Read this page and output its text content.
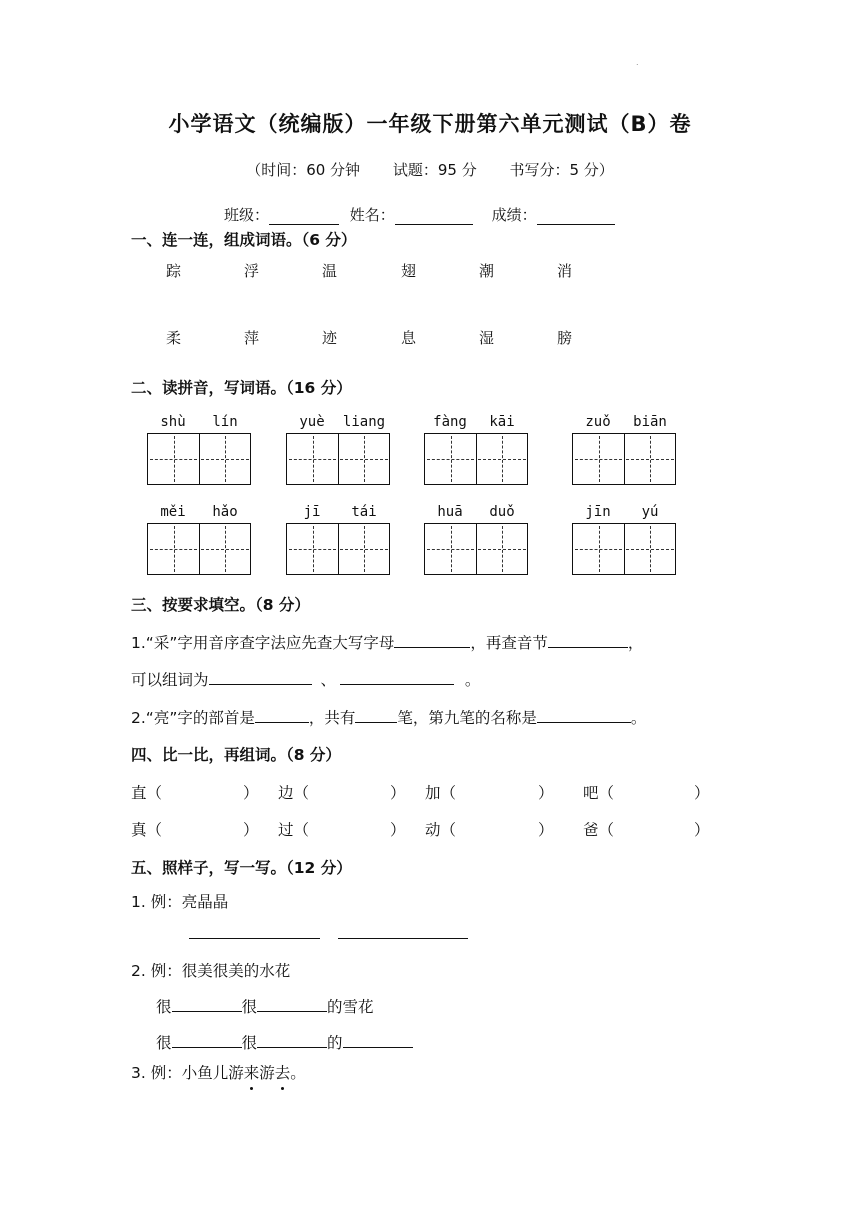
.
小学语文（统编版）一年级下册第六单元测试（B）卷
（时间：60 分钟 试题：95 分 书写分：5 分）
班级：	姓名：	成绩：
一、连一连，组成词语。（6 分）
踪	浮	温	翅	潮	消
柔	萍	迹	息	湿	膀
二、读拼音，写词语。（16 分）
shù	lín	yuè	liang	fàng	kāi	zuǒ	biān
měi	hǎo	jī	tái	huā	duǒ	jīn	yú
三、按要求填空。（8 分）
1.“采”字用音序查字法应先查大写字母	，再查音节	，
可以组词为	、	。
2.“亮”字的部首是	，共有	笔，第九笔的名称是	。
四、比一比，再组词。（8 分）
直（	） 边（	） 加（	） 吧（	）
真（	） 过（	） 动（	） 爸（	）
五、照样子，写一写。（12 分）
1. 例：亮晶晶
2. 例：很美很美的水花
很	很	的雪花
很	很	的
3. 例：小鱼儿游来游去。
